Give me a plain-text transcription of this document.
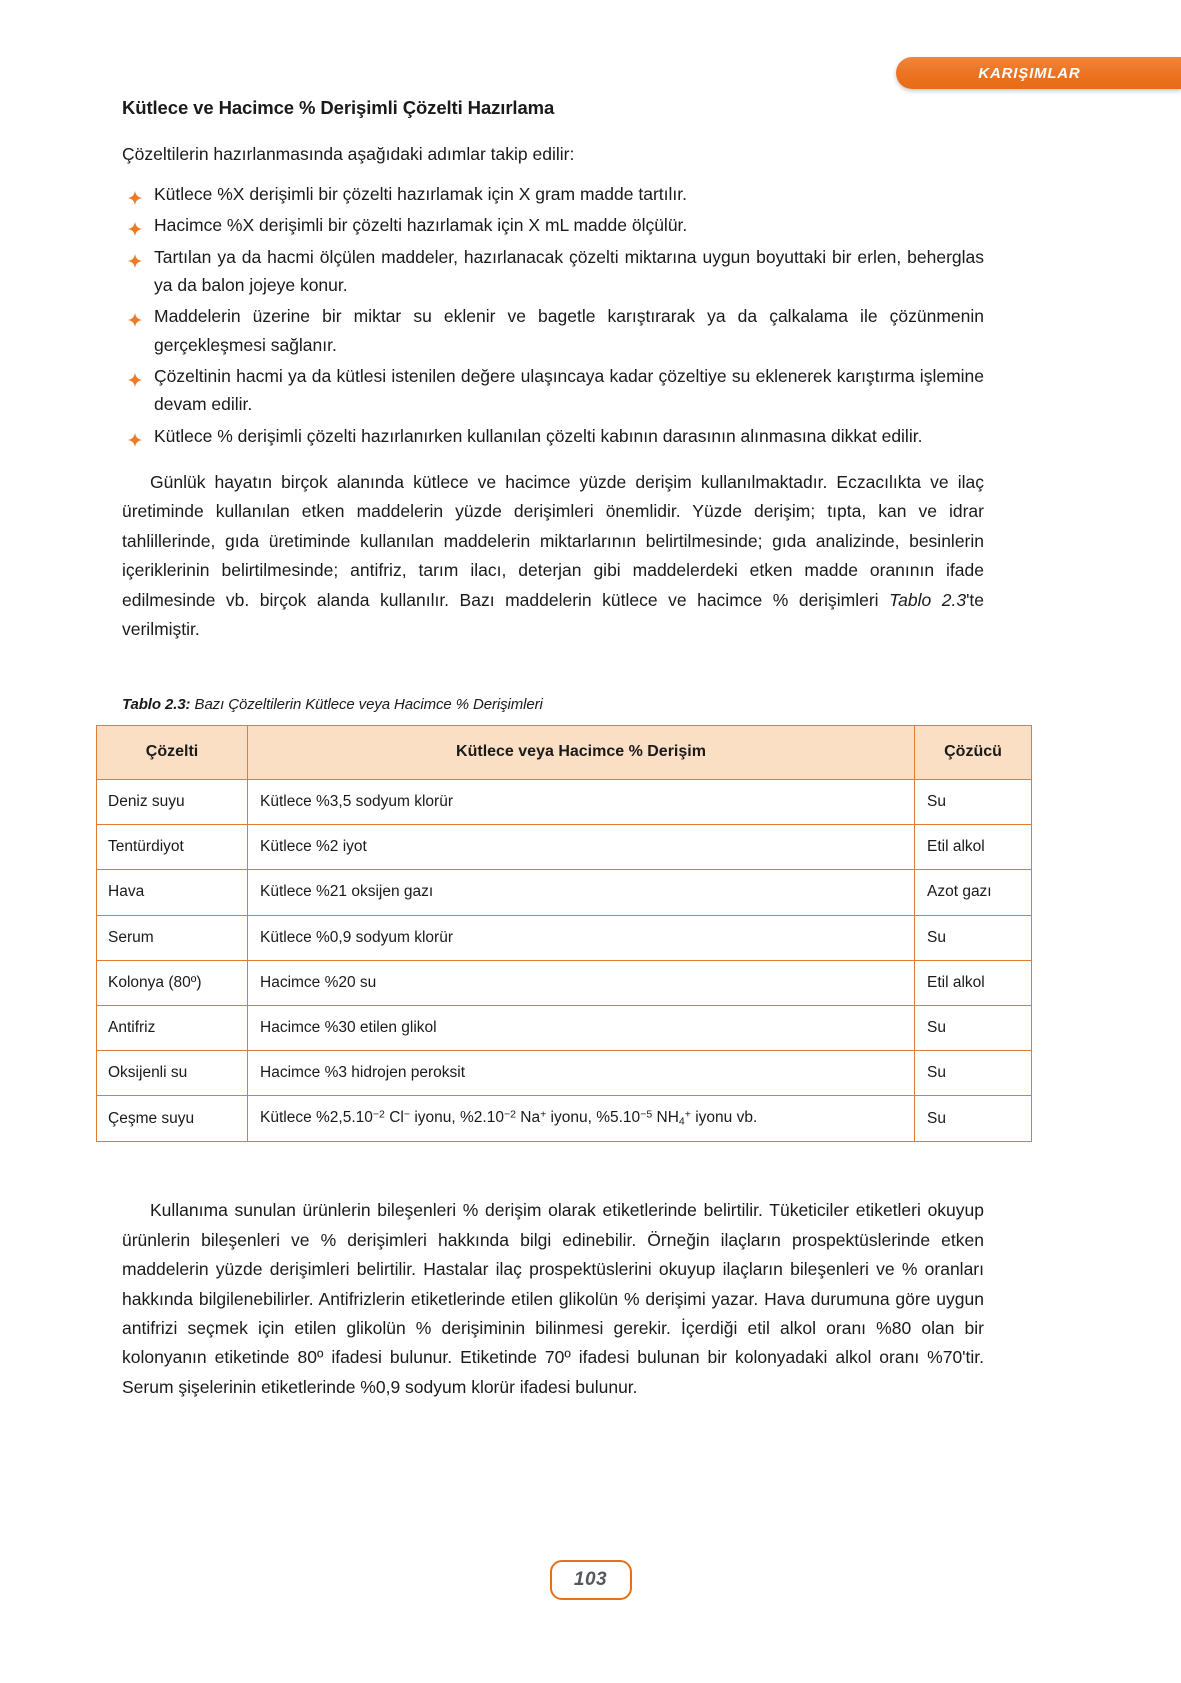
KARIŞIMLAR
Kütlece ve Hacimce % Derişimli Çözelti Hazırlama

Çözeltilerin hazırlanmasında aşağıdaki adımlar takip edilir:

Kütlece %X derişimli bir çözelti hazırlamak için X gram madde tartılır.
Hacimce %X derişimli bir çözelti hazırlamak için X mL madde ölçülür.
Tartılan ya da hacmi ölçülen maddeler, hazırlanacak çözelti miktarına uygun boyuttaki bir erlen, beherglas ya da balon jojeye konur.
Maddelerin üzerine bir miktar su eklenir ve bagetle karıştırarak ya da çalkalama ile çözünmenin gerçekleşmesi sağlanır.
Çözeltinin hacmi ya da kütlesi istenilen değere ulaşıncaya kadar çözeltiye su eklenerek karıştırma işlemine devam edilir.
Kütlece % derişimli çözelti hazırlanırken kullanılan çözelti kabının darasının alınmasına dikkat edilir.

Günlük hayatın birçok alanında kütlece ve hacimce yüzde derişim kullanılmaktadır. Eczacılıkta ve ilaç üretiminde kullanılan etken maddelerin yüzde derişimleri önemlidir. Yüzde derişim; tıpta, kan ve idrar tahlillerinde, gıda üretiminde kullanılan maddelerin miktarlarının belirtilmesinde; gıda analizinde, besinlerin içeriklerinin belirtilmesinde; antifriz, tarım ilacı, deterjan gibi maddelerdeki etken madde oranının ifade edilmesinde vb. birçok alanda kullanılır. Bazı maddelerin kütlece ve hacimce % derişimleri Tablo 2.3'te verilmiştir.

Tablo 2.3: Bazı Çözeltilerin Kütlece veya Hacimce % Derişimleri
Çözelti	Kütlece veya Hacimce % Derişim	Çözücü
Deniz suyu	Kütlece %3,5 sodyum klorür	Su
Tentürdiyot	Kütlece %2 iyot	Etil alkol
Hava	Kütlece %21 oksijen gazı	Azot gazı
Serum	Kütlece %0,9 sodyum klorür	Su
Kolonya (80º)	Hacimce %20 su	Etil alkol
Antifriz	Hacimce %30 etilen glikol	Su
Oksijenli su	Hacimce %3 hidrojen peroksit	Su
Çeşme suyu	Kütlece $\%2,5.10^{-2}$ Cl− iyonu, $\%2.10^{-2}$ Na+ iyonu, $\%5.10^{-5}$ $NH_4^+$ iyonu vb.	Su

Kullanıma sunulan ürünlerin bileşenleri % derişim olarak etiketlerinde belirtilir. Tüketiciler etiketleri okuyup ürünlerin bileşenleri ve % derişimleri hakkında bilgi edinebilir. Örneğin ilaçların prospektüslerinde etken maddelerin yüzde derişimleri belirtilir. Hastalar ilaç prospektüslerini okuyup ilaçların bileşenleri ve % oranları hakkında bilgilenebilirler. Antifrizlerin etiketlerinde etilen glikolün % derişimi yazar. Hava durumuna göre uygun antifrizi seçmek için etilen glikolün % derişiminin bilinmesi gerekir. İçerdiği etil alkol oranı %80 olan bir kolonyanın etiketinde 80º ifadesi bulunur. Etiketinde 70º ifadesi bulunan bir kolonyadaki alkol oranı %70'tir. Serum şişelerinin etiketlerinde %0,9 sodyum klorür ifadesi bulunur.

103
